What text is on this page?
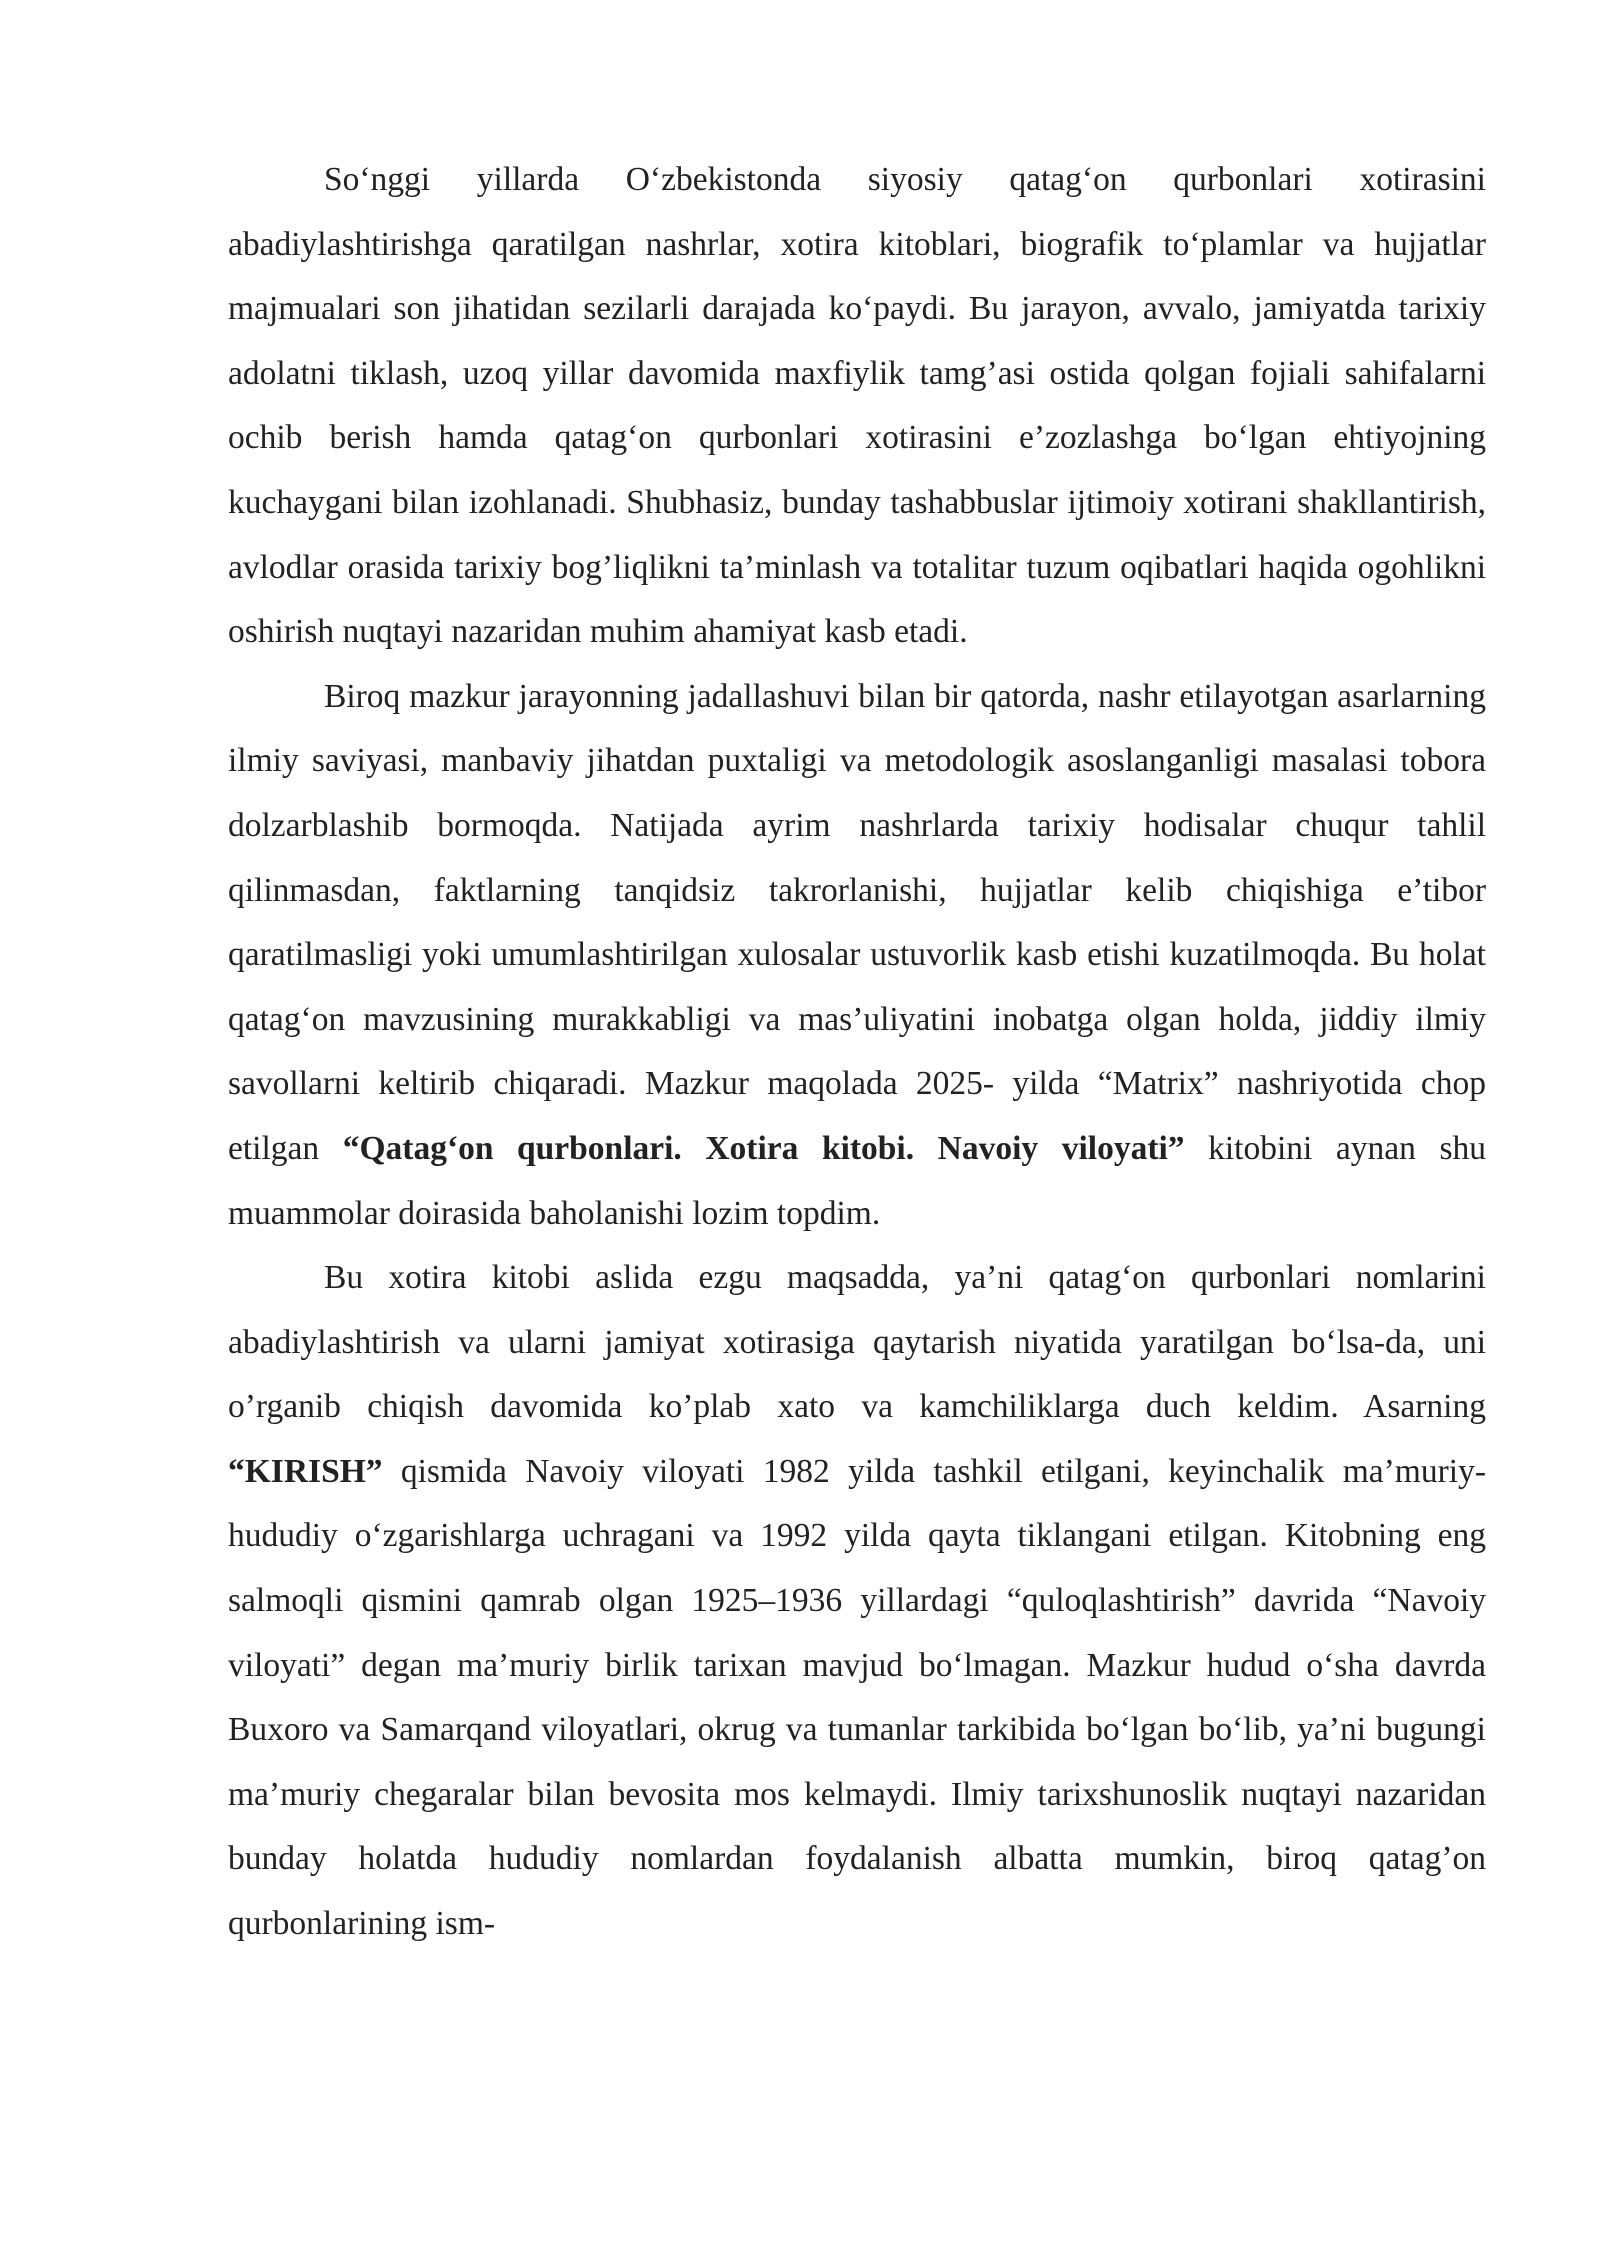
So‘nggi yillarda O‘zbekistonda siyosiy qatag‘on qurbonlari xotirasini abadiylashtirishga qaratilgan nashrlar, xotira kitoblari, biografik to‘plamlar va hujjatlar majmualari son jihatidan sezilarli darajada ko‘paydi. Bu jarayon, avvalo, jamiyatda tarixiy adolatni tiklash, uzoq yillar davomida maxfiylik tamg’asi ostida qolgan fojiali sahifalarni ochib berish hamda qatag‘on qurbonlari xotirasini e’zozlashga bo‘lgan ehtiyojning kuchaygani bilan izohlanadi. Shubhasiz, bunday tashabbuslar ijtimoiy xotirani shakllantirish, avlodlar orasida tarixiy bog’liqlikni ta’minlash va totalitar tuzum oqibatlari haqida ogohlikni oshirish nuqtayi nazaridan muhim ahamiyat kasb etadi.

Biroq mazkur jarayonning jadallashuvi bilan bir qatorda, nashr etilayotgan asarlarning ilmiy saviyasi, manbaviy jihatdan puxtaligi va metodologik asoslanganligi masalasi tobora dolzarblashib bormoqda. Natijada ayrim nashrlarda tarixiy hodisalar chuqur tahlil qilinmasdan, faktlarning tanqidsiz takrorlanishi, hujjatlar kelib chiqishiga e’tibor qaratilmasligi yoki umumlashtirilgan xulosalar ustuvorlik kasb etishi kuzatilmoqda. Bu holat qatag‘on mavzusining murakkabligi va mas’uliyatini inobatga olgan holda, jiddiy ilmiy savollarni keltirib chiqaradi. Mazkur maqolada 2025- yilda “Matrix” nashriyotida chop etilgan “Qatag‘on qurbonlari. Xotira kitobi. Navoiy viloyati” kitobini aynan shu muammolar doirasida baholanishi lozim topdim.

Bu xotira kitobi aslida ezgu maqsadda, ya’ni qatag‘on qurbonlari nomlarini abadiylashtirish va ularni jamiyat xotirasiga qaytarish niyatida yaratilgan bo‘lsa-da, uni o’rganib chiqish davomida ko’plab xato va kamchiliklarga duch keldim. Asarning “KIRISH” qismida Navoiy viloyati 1982 yilda tashkil etilgani, keyinchalik ma’muriy-hududiy o‘zgarishlarga uchragani va 1992 yilda qayta tiklangani etilgan. Kitobning eng salmoqli qismini qamrab olgan 1925–1936 yillardagi “quloqlashtirish” davrida “Navoiy viloyati” degan ma’muriy birlik tarixan mavjud bo‘lmagan. Mazkur hudud o‘sha davrda Buxoro va Samarqand viloyatlari, okrug va tumanlar tarkibida bo‘lgan bo‘lib, ya’ni bugungi ma’muriy chegaralar bilan bevosita mos kelmaydi. Ilmiy tarixshunoslik nuqtayi nazaridan bunday holatda hududiy nomlardan foydalanish albatta mumkin, biroq qatag’on qurbonlarining ism-
